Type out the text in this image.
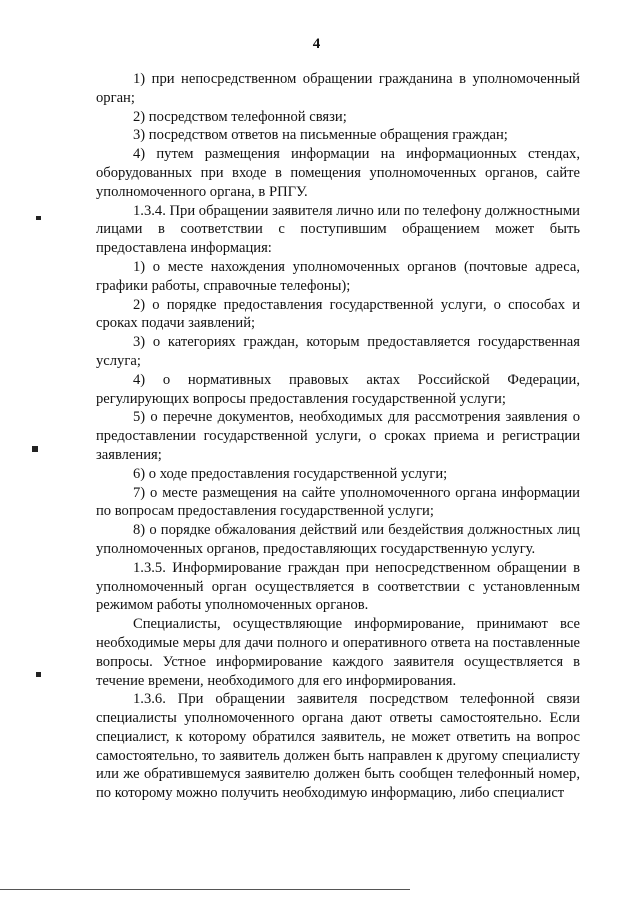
4

1) при непосредственном обращении гражданина в уполномоченный орган;

2) посредством телефонной связи;

3) посредством ответов на письменные обращения граждан;

4) путем размещения информации на информационных стендах, оборудованных при входе в помещения уполномоченных органов, сайте уполномоченного органа, в РПГУ.

1.3.4. При обращении заявителя лично или по телефону должностными лицами в соответствии с поступившим обращением может быть предоставлена информация:

1) о месте нахождения уполномоченных органов (почтовые адреса, графики работы, справочные телефоны);

2) о порядке предоставления государственной услуги, о способах и сроках подачи заявлений;

3) о категориях граждан, которым предоставляется государственная услуга;

4) о нормативных правовых актах Российской Федерации, регулирующих вопросы предоставления государственной услуги;

5) о перечне документов, необходимых для рассмотрения заявления о предоставлении государственной услуги, о сроках приема и регистрации заявления;

6) о ходе предоставления государственной услуги;

7) о месте размещения на сайте уполномоченного органа информации по вопросам предоставления государственной услуги;

8) о порядке обжалования действий или бездействия должностных лиц уполномоченных органов, предоставляющих государственную услугу.

1.3.5. Информирование граждан при непосредственном обращении в уполномоченный орган осуществляется в соответствии с установленным режимом работы уполномоченных органов.

Специалисты, осуществляющие информирование, принимают все необходимые меры для дачи полного и оперативного ответа на поставленные вопросы. Устное информирование каждого заявителя осуществляется в течение времени, необходимого для его информирования.

1.3.6. При обращении заявителя посредством телефонной связи специалисты уполномоченного органа дают ответы самостоятельно. Если специалист, к которому обратился заявитель, не может ответить на вопрос самостоятельно, то заявитель должен быть направлен к другому специалисту или же обратившемуся заявителю должен быть сообщен телефонный номер, по которому можно получить необходимую информацию, либо специалист
